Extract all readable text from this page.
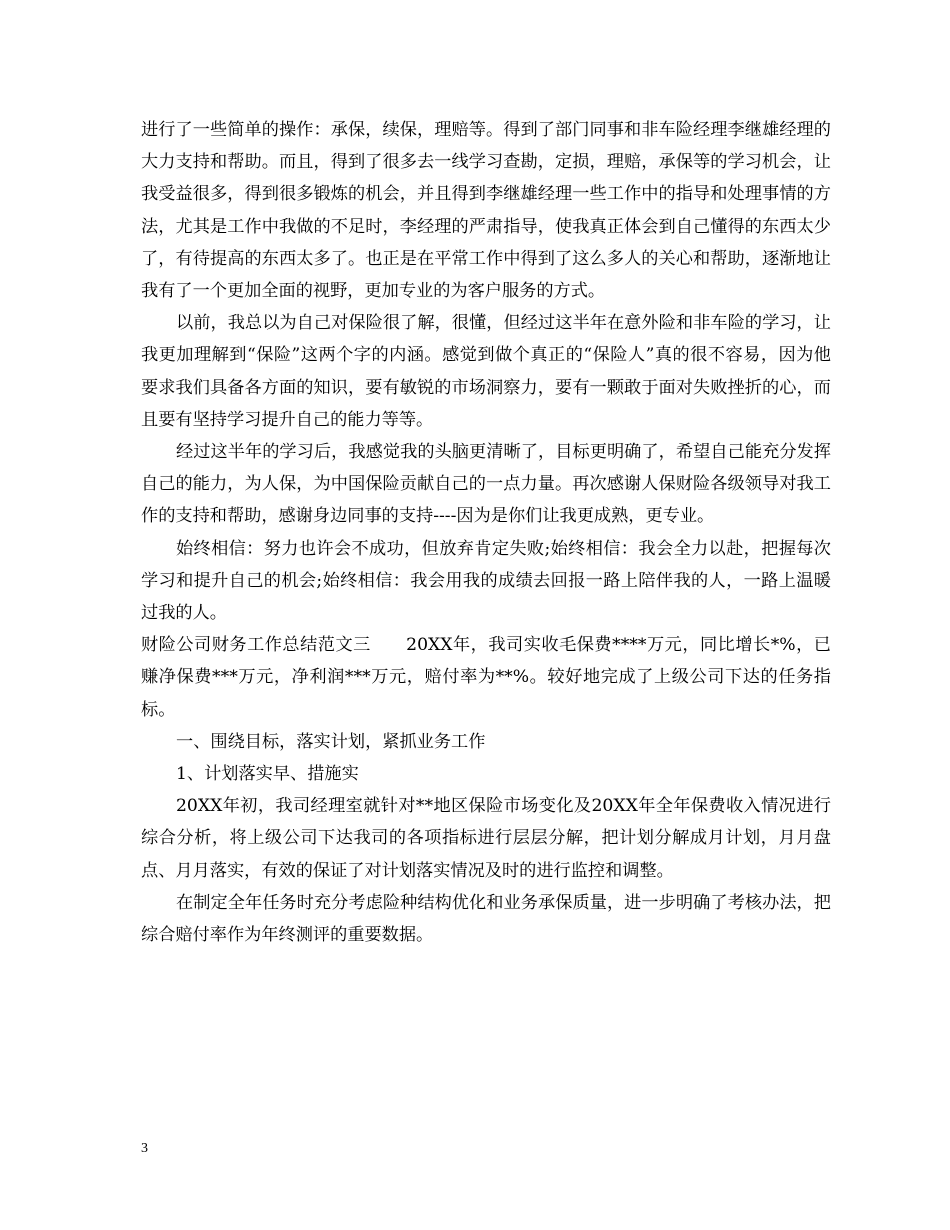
进行了一些简单的操作：承保，续保，理赔等。得到了部门同事和非车险经理李继雄经理的大力支持和帮助。而且，得到了很多去一线学习查勘，定损，理赔，承保等的学习机会，让我受益很多，得到很多锻炼的机会，并且得到李继雄经理一些工作中的指导和处理事情的方法，尤其是工作中我做的不足时，李经理的严肃指导，使我真正体会到自己懂得的东西太少了，有待提高的东西太多了。也正是在平常工作中得到了这么多人的关心和帮助，逐渐地让我有了一个更加全面的视野，更加专业的为客户服务的方式。

以前，我总以为自己对保险很了解，很懂，但经过这半年在意外险和非车险的学习，让我更加理解到“保险”这两个字的内涵。感觉到做个真正的“保险人”真的很不容易，因为他 要求我们具备各方面的知识，要有敏锐的市场洞察力，要有一颗敢于面对失败挫折的心，而且要有坚持学习提升自己的能力等等。

经过这半年的学习后，我感觉我的头脑更清晰了，目标更明确了，希望自己能充分发挥自己的能力，为人保，为中国保险贡献自己的一点力量。再次感谢人保财险各级领导对我工作的支持和帮助，感谢身边同事的支持----因为是你们让我更成熟，更专业。

始终相信：努力也许会不成功，但放弃肯定失败;始终相信：我会全力以赴，把握每次学习和提升自己的机会;始终相信：我会用我的成绩去回报一路上陪伴我的人，一路上温暖过我的人。

财险公司财务工作总结范文三　　20XX年，我司实收毛保费****万元，同比增长*%，已赚净保费***万元，净利润***万元，赔付率为**%。较好地完成了上级公司下达的任务指标。

一、围绕目标，落实计划，紧抓业务工作

1、计划落实早、措施实

20XX年初，我司经理室就针对**地区保险市场变化及20XX年全年保费收入情况进行综合分析，将上级公司下达我司的各项指标进行层层分解，把计划分解成月计划，月月盘点、月月落实，有效的保证了对计划落实情况及时的进行监控和调整。

在制定全年任务时充分考虑险种结构优化和业务承保质量，进一步明确了考核办法，把综合赔付率作为年终测评的重要数据。

3
